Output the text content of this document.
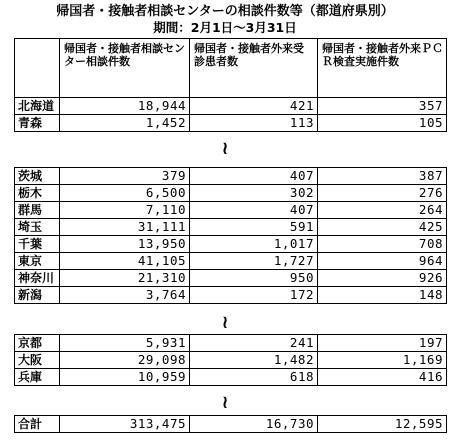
帰国者・接触者相談センターの相談件数等（都道府県別）
期間：2月1日〜3月31日
	帰国者・接触者相談センター相談件数	帰国者・接触者外来受診患者数	帰国者・接触者外来ＰＣＲ検査実施件数
北海道	18,944	421	357
青森	1,452	113	105
≀
茨城	379	407	387
栃木	6,500	302	276
群馬	7,110	407	264
埼玉	31,111	591	425
千葉	13,950	1,017	708
東京	41,105	1,727	964
神奈川	21,310	950	926
新潟	3,764	172	148
≀
京都	5,931	241	197
大阪	29,098	1,482	1,169
兵庫	10,959	618	416
≀
合計	313,475	16,730	12,595
